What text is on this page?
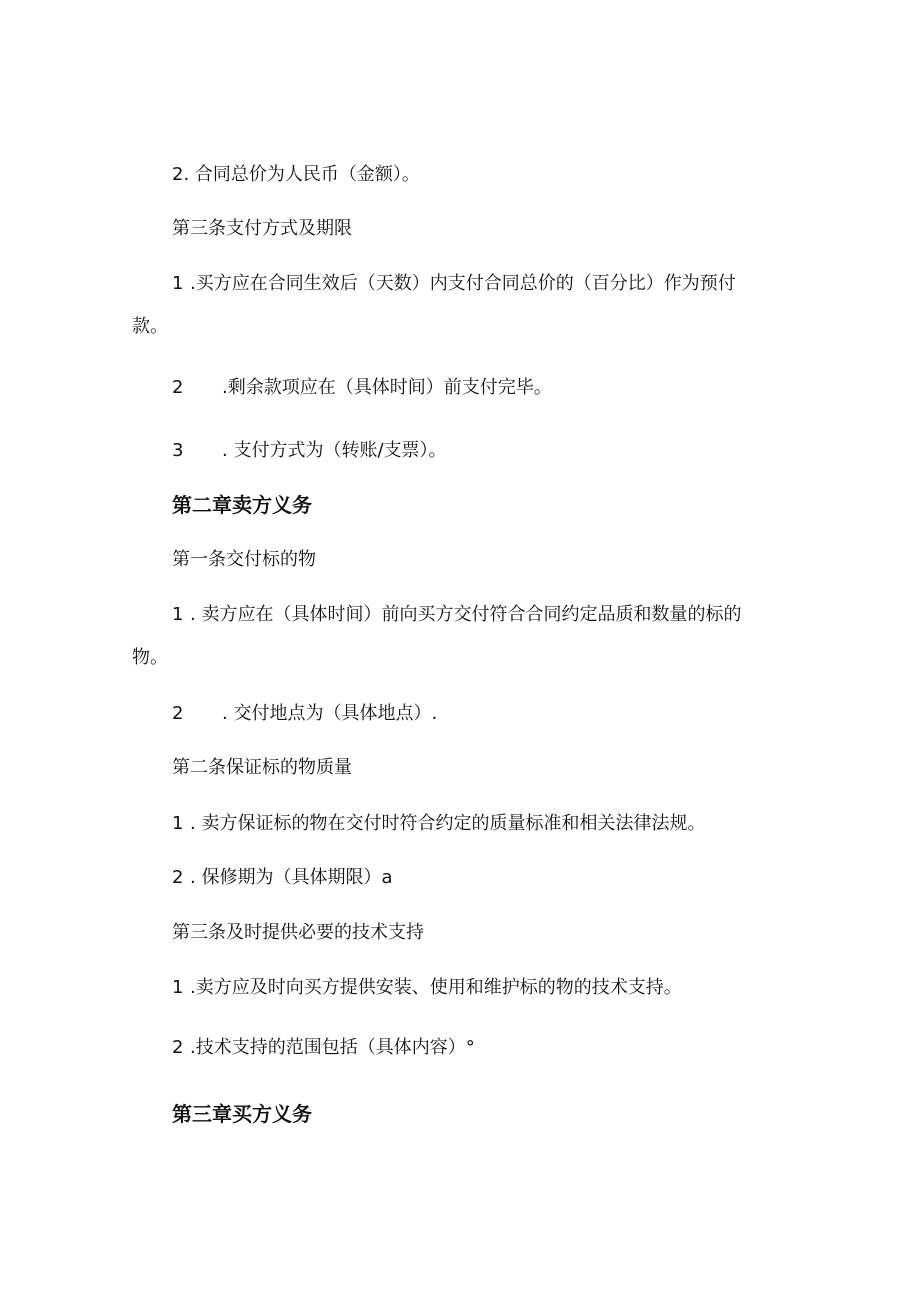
2. 合同总价为人民币（金额）。
第三条支付方式及期限
1 .买方应在合同生效后（天数）内支付合同总价的（百分比）作为预付
款。
2 .剩余款项应在（具体时间）前支付完毕。
3 . 支付方式为（转账/支票）。
第二章卖方义务
第一条交付标的物
1 . 卖方应在（具体时间）前向买方交付符合合同约定品质和数量的标的
物。
2 . 交付地点为（具体地点）.
第二条保证标的物质量
1 . 卖方保证标的物在交付时符合约定的质量标准和相关法律法规。
2 . 保修期为（具体期限）a
第三条及时提供必要的技术支持
1 .卖方应及时向买方提供安装、使用和维护标的物的技术支持。
2 .技术支持的范围包括（具体内容）°
第三章买方义务
